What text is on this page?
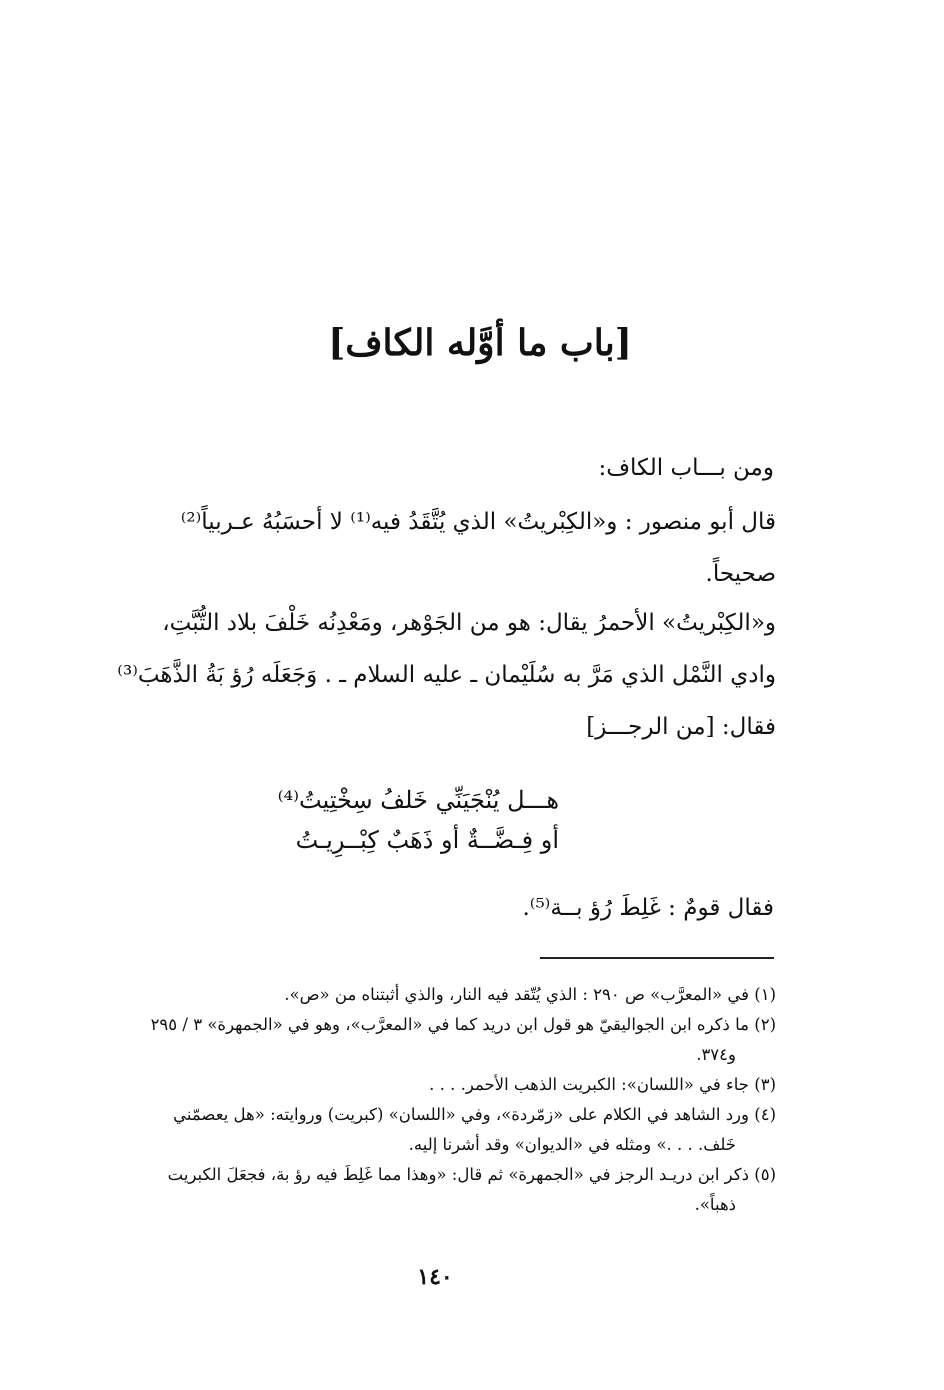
[باب ما أوَّله الكاف]
ومن بـــاب الكاف:
قال أبو منصور : و«الكِبْريتُ» الذي يُتَّقَدُ فيه⁽¹⁾ لا أحسَبُهُ عـربياً⁽²⁾
صحيحاً.
و«الكِبْريتُ» الأحمرُ يقال: هو من الجَوْهر، ومَعْدِنُه خَلْفَ بلاد التُّبَّتِ،
وادي النَّمْل الذي مَرَّ به سُلَيْمان ـ عليه السلام ـ . وَجَعَلَه رُؤ بَةُ الذَّهَبَ⁽³⁾
فقال: [من الرجـــز]
هـــل يُنْجَيَنِّي خَلفُ سِخْتِيتُ⁽⁴⁾
أو فِـضَّــةٌ أو ذَهَبٌ كِبْــرِيـتُ
فقال قومٌ : غَلِطَ رُؤ بــة⁽⁵⁾.
(١) في «المعرَّب» ص ٢٩٠ : الذي يُتّقد فيه النار، والذي أثبتناه من «ص».
(٢) ما ذكره ابن الجواليقيّ هو قول ابن دريد كما في «المعرَّب»، وهو في «الجمهرة» ٣ / ٢٩٥
و٣٧٤.
(٣) جاء في «اللسان»: الكبريت الذهب الأحمر. . . .
(٤) ورد الشاهد في الكلام على «زمّردة»، وفي «اللسان» (كبريت) وروايته: «هل يعصمّني
خَلف. . . .» ومثله في «الديوان» وقد أشرنا إليه.
(٥) ذكر ابن دريـد الرجز في «الجمهرة» ثم قال: «وهذا مما غَلِطَ فيه رؤ بة، فجعَلَ الكبريت
ذهباً».
١٤٠
